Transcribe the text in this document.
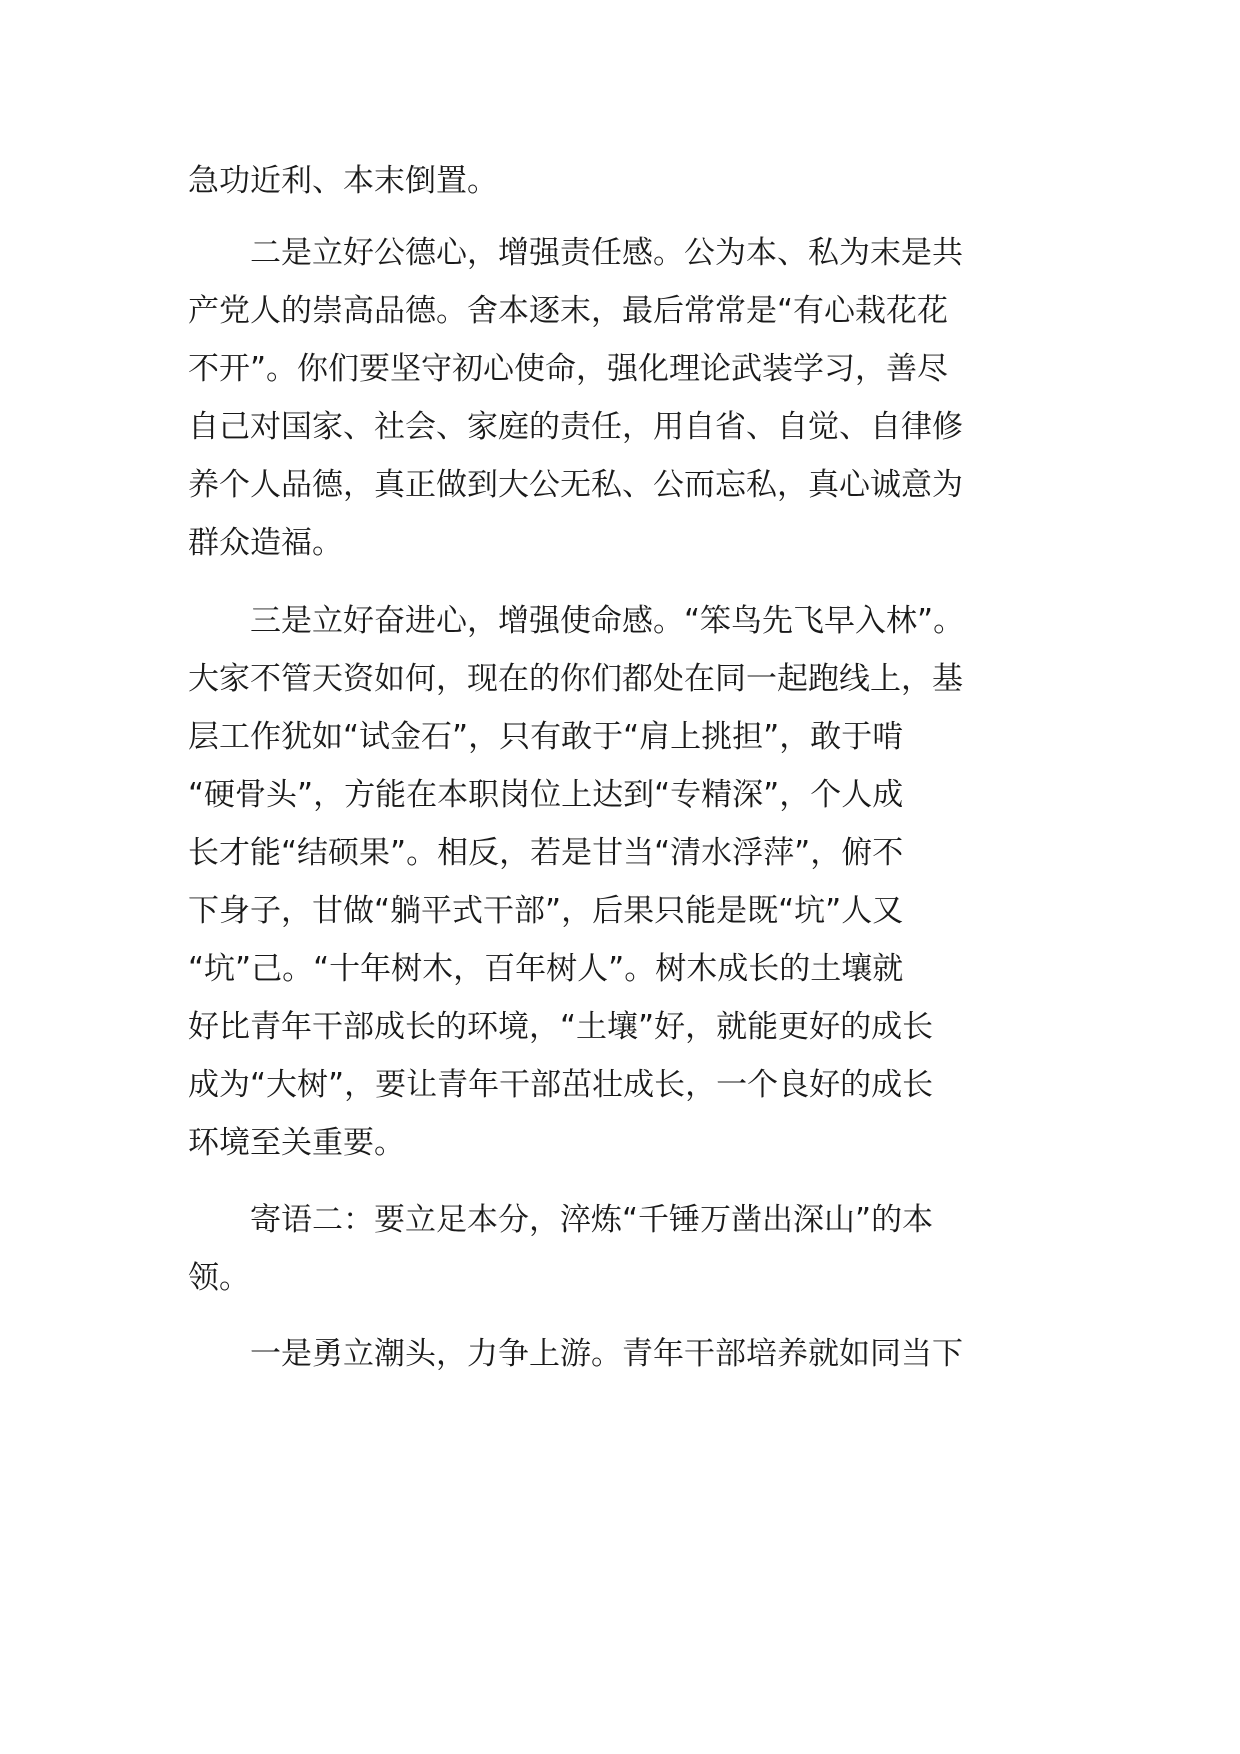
急功近利、本末倒置。

　　二是立好公德心，增强责任感。公为本、私为末是共

产党人的崇高品德。舍本逐末，最后常常是“有心栽花花

不开”。你们要坚守初心使命，强化理论武装学习，善尽

自己对国家、社会、家庭的责任，用自省、自觉、自律修

养个人品德，真正做到大公无私、公而忘私，真心诚意为

群众造福。

　　三是立好奋进心，增强使命感。“笨鸟先飞早入林”。

大家不管天资如何，现在的你们都处在同一起跑线上，基

层工作犹如“试金石”，只有敢于“肩上挑担”，敢于啃

“硬骨头”，方能在本职岗位上达到“专精深”，个人成

长才能“结硕果”。相反，若是甘当“清水浮萍”，俯不

下身子，甘做“躺平式干部”，后果只能是既“坑”人又

“坑”己。“十年树木，百年树人”。树木成长的土壤就

好比青年干部成长的环境，“土壤”好，就能更好的成长

成为“大树”，要让青年干部茁壮成长，一个良好的成长

环境至关重要。

　　寄语二：要立足本分，淬炼“千锤万凿出深山”的本

领。

　　一是勇立潮头，力争上游。青年干部培养就如同当下
